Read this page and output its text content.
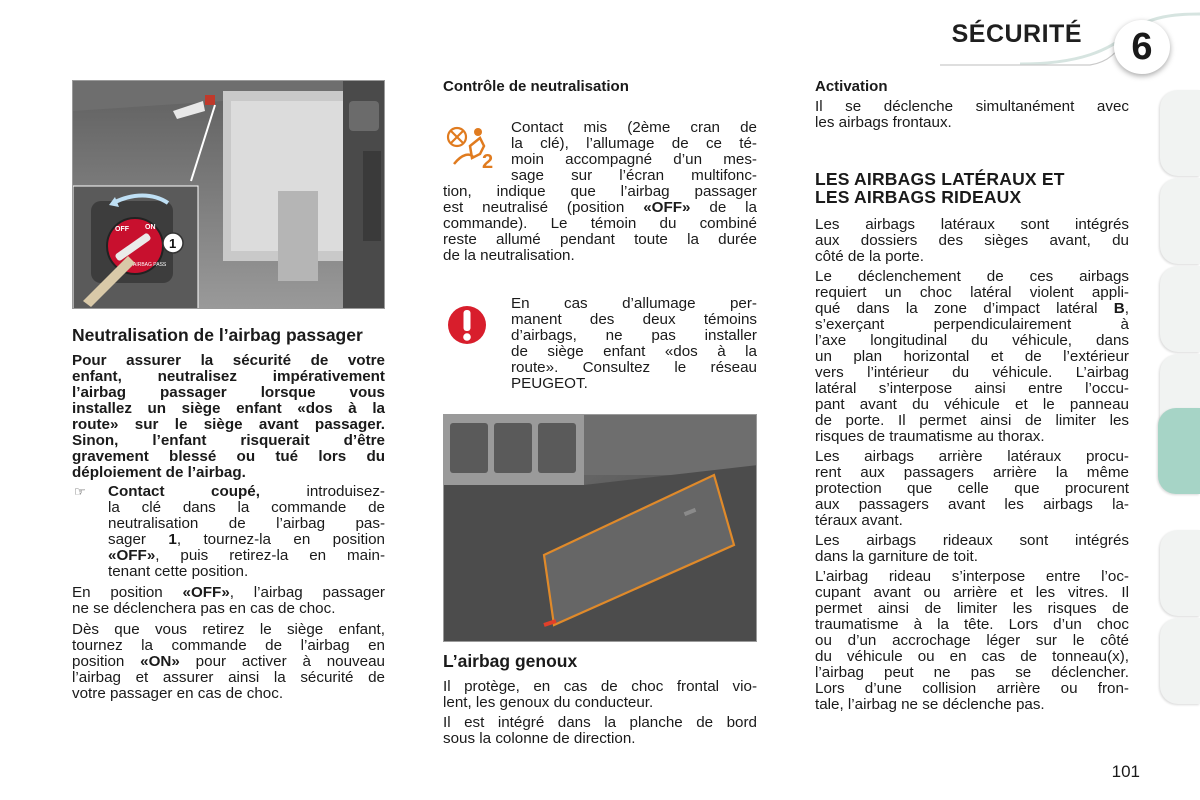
SÉCURITÉ	6
OFF ON
AIRBAG PASS
1
Neutralisation de l’airbag passager

Pour assurer la sécurité de votre

enfant, neutralisez impérativement

l’airbag passager lorsque vous

installez un siège enfant «dos à la

route» sur le siège avant passager.

Sinon, l’enfant risquerait d’être

gravement blessé ou tué lors du

déploiement de l’airbag.

☞	Contact coupé, introduisez-

la clé dans la commande de

neutralisation de l’airbag pas-

sager 1, tournez-la en position

«OFF», puis retirez-la en main-

tenant cette position.

En position «OFF», l’airbag passager

ne se déclenchera pas en cas de choc.

Dès que vous retirez le siège enfant,

tournez la commande de l’airbag en

position «ON» pour activer à nouveau

l’airbag et assurer ainsi la sécurité de

votre passager en cas de choc.

Contrôle de neutralisation
2

Contact mis (2ème cran de

la clé), l’allumage de ce té-

moin accompagné d’un mes-

sage sur l’écran multifonc-

tion, indique que l’airbag passager

est neutralisé (position «OFF» de la

commande). Le témoin du combiné

reste allumé pendant toute la durée

de la neutralisation.

En cas d’allumage per-

manent des deux témoins

d’airbags, ne pas installer

de siège enfant «dos à la

route». Consultez le réseau

PEUGEOT.

L’airbag genoux

Il protège, en cas de choc frontal vio-

lent, les genoux du conducteur.

Il est intégré dans la planche de bord

sous la colonne de direction.

Activation

Il se déclenche simultanément avec

les airbags frontaux.

LES AIRBAGS LATÉRAUX ET
LES AIRBAGS RIDEAUX

Les airbags latéraux sont intégrés

aux dossiers des sièges avant, du

côté de la porte.

Le déclenchement de ces airbags

requiert un choc latéral violent appli-

qué dans la zone d’impact latéral B,

s’exerçant perpendiculairement à

l’axe longitudinal du véhicule, dans

un plan horizontal et de l’extérieur

vers l’intérieur du véhicule. L’airbag

latéral s’interpose ainsi entre l’occu-

pant avant du véhicule et le panneau

de porte. Il permet ainsi de limiter les

risques de traumatisme au thorax.

Les airbags arrière latéraux procu-

rent aux passagers arrière la même

protection que celle que procurent

aux passagers avant les airbags la-

téraux avant.

Les airbags rideaux sont intégrés

dans la garniture de toit.

L’airbag rideau s’interpose entre l’oc-

cupant avant ou arrière et les vitres. Il

permet ainsi de limiter les risques de

traumatisme à la tête. Lors d’un choc

ou d’un accrochage léger sur le côté

du véhicule ou en cas de tonneau(x),

l’airbag peut ne pas se déclencher.

Lors d’une collision arrière ou fron-

tale, l’airbag ne se déclenche pas.

101
